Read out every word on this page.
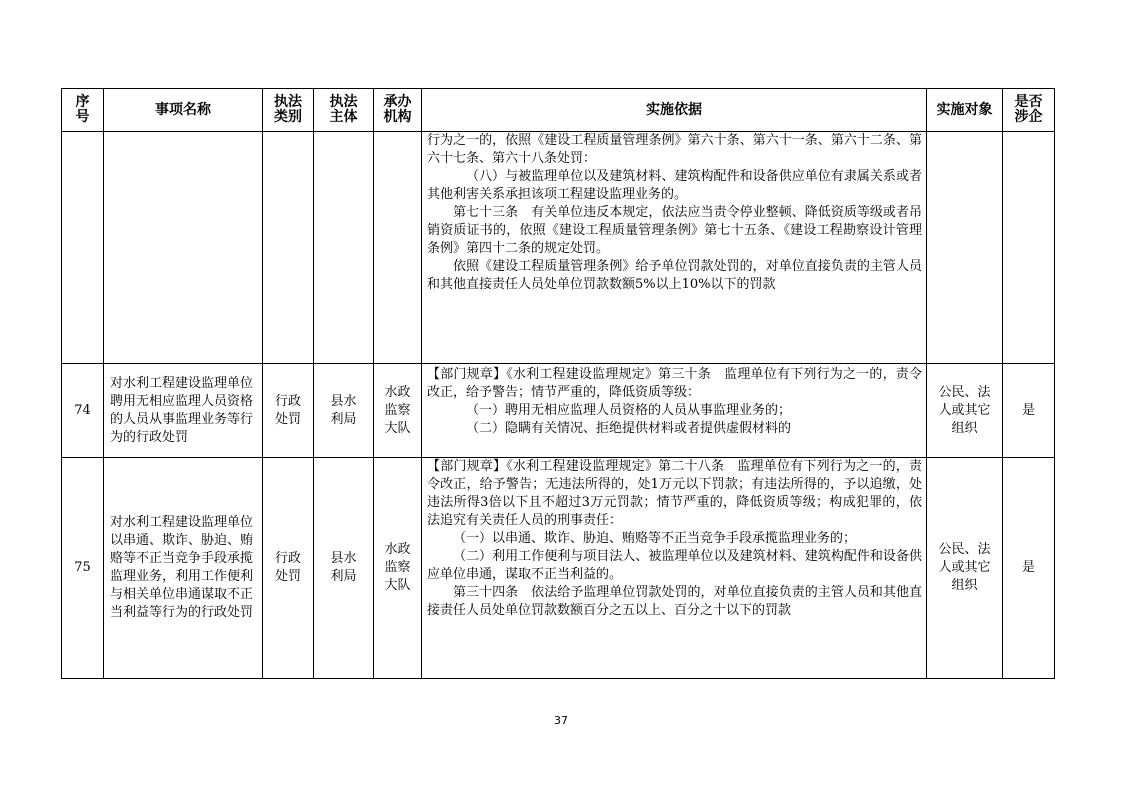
序号	事项名称	执法类别	执法主体	承办机构	实施依据	实施对象	是否涉企

					行为之一的，依照《建设工程质量管理条例》第六十条、第六十一条、第六十二条、第六十七条、第六十八条处罚：

（八）与被监理单位以及建筑材料、建筑构配件和设备供应单位有隶属关系或者其他利害关系承担该项工程建设监理业务的。

第七十三条　有关单位违反本规定，依法应当责令停业整顿、降低资质等级或者吊销资质证书的，依照《建设工程质量管理条例》第七十五条、《建设工程勘察设计管理条例》第四十二条的规定处罚。

依照《建设工程质量管理条例》给予单位罚款处罚的，对单位直接负责的主管人员和其他直接责任人员处单位罚款数额5%以上10%以下的罚款		

74	对水利工程建设监理单位聘用无相应监理人员资格的人员从事监理业务等行为的行政处罚	行政处罚	县水利局	水政监察大队	【部门规章】《水利工程建设监理规定》第三十条　监理单位有下列行为之一的，责令改正，给予警告；情节严重的，降低资质等级：

（一）聘用无相应监理人员资格的人员从事监理业务的；

（二）隐瞒有关情况、拒绝提供材料或者提供虚假材料的	公民、法人或其它组织	是
75	对水利工程建设监理单位以串通、欺诈、胁迫、贿赂等不正当竞争手段承揽监理业务，利用工作便利与相关单位串通谋取不正当利益等行为的行政处罚	行政处罚	县水利局	水政监察大队	【部门规章】《水利工程建设监理规定》第二十八条　监理单位有下列行为之一的，责令改正，给予警告；无违法所得的，处1万元以下罚款；有违法所得的，予以追缴，处违法所得3倍以下且不超过3万元罚款；情节严重的，降低资质等级；构成犯罪的，依法追究有关责任人员的刑事责任：

（一）以串通、欺诈、胁迫、贿赂等不正当竞争手段承揽监理业务的；

（二）利用工作便利与项目法人、被监理单位以及建筑材料、建筑构配件和设备供应单位串通，谋取不正当利益的。

第三十四条　依法给予监理单位罚款处罚的，对单位直接负责的主管人员和其他直接责任人员处单位罚款数额百分之五以上、百分之十以下的罚款	公民、法人或其它组织	是
37
